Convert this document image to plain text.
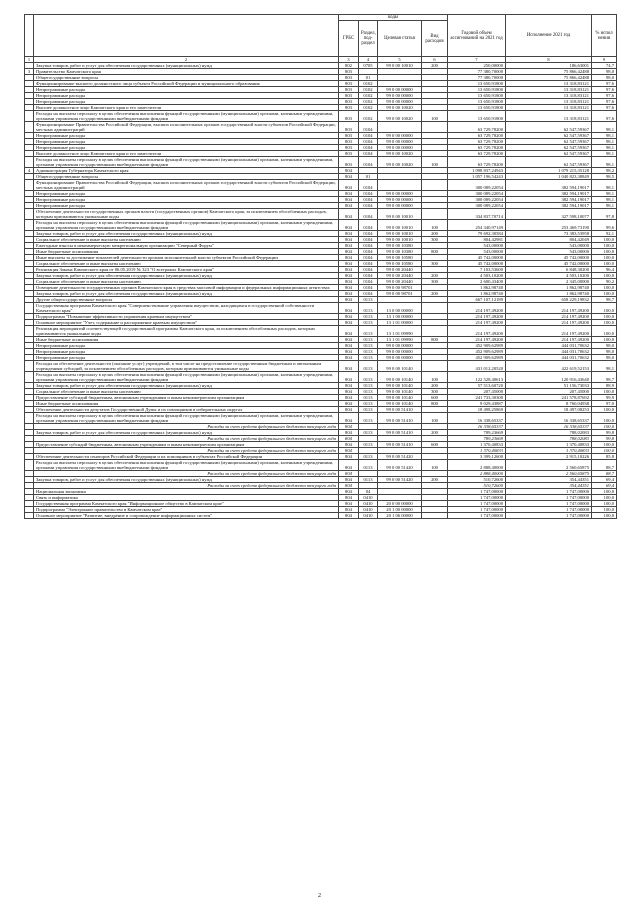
		коды				Годовой объем ассигнований на 2021 год	Исполнение 2021 год	% испол нения
		ГРБС	Раздел, под-раздел	Целевая статья	Вид расходов			
1	2	3	4	5	6	7	8	9
	Закупка товаров, работ и услуг для обеспечения государственных (муниципальных) нужд	802	0705	99 0 00 10010	200	250,00000	186,63001	74,7
3	Правительство Камчатского края	803				77 380,70000	75 866,42488	98,0
	Общегосударственные вопросы	803	01			77 380,70000	75 866,42488	98,0
	Функционирование высшего должностного лица субъекта Российской Федерации и муниципального образования	803	0102			13 650,91800	13 318,83121	97,6
	Непрограммные расходы	803	0102	99 0 00 00000		13 650,91800	13 318,83121	97,6
	Непрограммные расходы	803	0102	99 0 00 00000		13 650,91800	13 318,83121	97,6
	Непрограммные расходы	803	0102	99 0 00 00000		13 650,91800	13 318,83121	97,6
	Высшее должностное лицо Камчатского края и его заместители	803	0102	99 0 00 10020		13 650,91800	13 318,83121	97,6
	Расходы на выплаты персоналу в целях обеспечения выполнения функций государственными (муниципальными) органами, казенными учреждениями, органами управления государственными внебюджетными фондами	803	0102	99 0 00 10020	100	13 650,91800	13 318,83121	97,6
	Функционирование Правительства Российской Федерации, высших исполнительных органов государственной власти субъектов Российской Федерации, местных администраций	803	0104			63 729,78200	62 547,59367	98,1
	Непрограммные расходы	803	0104	99 0 00 00000		63 729,78200	62 547,59367	98,1
	Непрограммные расходы	803	0104	99 0 00 00000		63 729,78200	62 547,59367	98,1
	Непрограммные расходы	803	0104	99 0 00 00000		63 729,78200	62 547,59367	98,1
	Высшее должностное лицо Камчатского края и его заместители	803	0104	99 0 00 10020		63 729,78200	62 547,59367	98,1
	Расходы на выплаты персоналу в целях обеспечения выполнения функций государственными (муниципальными) органами, казенными учреждениями, органами управления государственными внебюджетными фондами	803	0104	99 0 00 10020	100	63 729,78200	62 547,59367	98,1
4	Администрация Губернатора Камчатского края	804				1 098 837,24943	1 079 215,35128	98,2
	Общегосударственные вопросы	804	01			1 057 196,54243	1 040 823,38849	98,5
	Функционирование Правительства Российской Федерации, высших исполнительных органов государственной власти субъектов Российской Федерации, местных администраций	804	0104			300 089,22054	382 594,19017	98,1
	Непрограммные расходы	804	0104	99 0 00 00000		300 089,22054	382 594,19017	98,1
	Непрограммные расходы	804	0104	99 0 00 00000		300 089,22054	382 594,19017	98,1
	Непрограммные расходы	804	0104	99 0 00 00000		300 089,22054	382 594,19017	98,1
	Обеспечение деятельности государственных органов власти (государственных органов) Камчатского края, за исключением обособленных расходов, которым присваиваются уникальные коды	804	0104	99 0 00 10010		334 837,70714	327 598,10077	97,8
	Расходы на выплаты персоналу в целях обеспечения выполнения функций государственными (муниципальными) органами, казенными учреждениями, органами управления государственными внебюджетными фондами	804	0104	99 0 00 10010	100	254 340,97149	253 469,73190	99,6
	Закупка товаров, работ и услуг для обеспечения государственных (муниципальных) нужд	804	0104	99 0 00 10010	200	79 692,30584	73 383,53958	92,1
	Социальное обеспечение и иные выплаты населению	804	0104	99 0 00 10010	300	804,42981	804,42049	100,0
	Ежегодные взносы в некоммерческую межрегиональную организацию "Северный Форум"	804	0104	99 0 00 10380		543,00000	543,00000	100,0
	Иные бюджетные ассигнования	804	0104	99 0 00 10380	800	543,00000	543,00000	100,0
	Иные выплаты за достижение показателей деятельности органов исполнительной власти субъектов Российской Федерации	804	0104	99 0 00 10580		45 742,00000	45 742,00000	100,0
	Социальное обеспечение и иные выплаты населению	804	0104	99 0 00 10580	300	45 742,00000	45 742,00000	100,0
	Реализация Закона Камчатского края от 06.05.2019 № 323 "О всегражах Камчатского края"	804	0104	99 0 00 20440		7 103,53600	6 848,30200	96,4
	Закупка товаров, работ и услуг для обеспечения государственных (муниципальных) нужд	804	0104	99 0 00 20440	200	4 503,10200	4 503,10200	100,0
	Социальное обеспечение и иные выплаты населению	804	0104	99 0 00 20440	300	2 600,43400	2 345,00000	90,2
	Освещение деятельности государственных органов Камчатского края в средствах массовой информации и федеральных информационных агентствах	804	0104	99 0 00 98701		1 862,98740	1 862,98740	100,0
	Закупка товаров, работ и услуг для обеспечения государственных (муниципальных) нужд	804	0104	99 0 00 98701	200	1 862,98740	1 862,98740	100,0
	Другие общегосударственные вопросы	804	0113			667 107,12189	658 229,19832	98,7
	Государственная программа Камчатского края "Совершенствование управления имуществом, находящимся в государственной собственности Камчатского края"	804	0113	13 0 00 00000		214 197,49200	214 197,49200	100,0
	Подпрограмма "Повышение эффективности управления краевым имуществом"	804	0113	13 1 00 00000		214 197,49200	214 197,49200	100,0
	Основное мероприятие "Учет, содержание и распоряжение краевым имуществом"	804	0113	13 1 01 00000		214 197,49200	214 197,49200	100,0
	Реализация мероприятий соответствующей государственной программы Камчатского края, за исключением обособленных расходов, которым присваиваются уникальные коды	804	0113	13 1 01 09990		214 197,49200	214 197,49200	100,0
	Иные бюджетные ассигнования	804	0113	13 1 01 09990	800	214 197,49200	214 197,49200	100,0
	Непрограммные расходы	804	0113	99 0 00 00000		452 909,62989	444 031,70632	98,0
	Непрограммные расходы	804	0113	99 0 00 00000		452 909,62989	444 031,70632	98,0
	Непрограммные расходы	804	0113	99 0 00 00000		452 909,62989	444 031,70632	98,0
	Расходы на обеспечение деятельности (оказание услуг) учреждений, в том числе на предоставление государственным бюджетным и автономным учреждениям субсидий, за исключением обособленных расходов, которым присваиваются уникальные коды	804	0113	99 0 00 10140		431 012,20520	422 619,52153	98,1
	Расходы на выплаты персоналу в целях обеспечения выполнения функций государственными (муниципальными) органами, казенными учреждениями, органами управления государственными внебюджетными фондами	804	0113	99 0 00 10140	100	122 528,40613	120 916,43640	98,7
	Закупка товаров, работ и услуг для обеспечения государственных (муниципальных) нужд	804	0113	99 0 00 10140	200	57 513,60720	51 156,73033	88,9
	Социальное обеспечение и иные выплаты населению	804	0113	99 0 00 10140	300	207,45000	207,45000	100,0
	Предоставление субсидий бюджетным, автономным учреждениям и иным некоммерческим организациям	804	0113	99 0 00 10140	600	241 733,30300	241 578,87692	99,9
	Иные бюджетные ассигнования	804	0113	99 0 00 10140	800	9 029,43887	8 760,04938	97,0
	Обеспечение деятельности депутатов Государственной Думы и их помощников в избирательных округах	804	0113	99 0 00 51410		18 498,25869	18 497,08253	100,0
	Расходы на выплаты персоналу в целях обеспечения выполнения функций государственными (муниципальными) органами, казенными учреждениями, органами управления государственными внебюджетными фондами	804	0113	99 0 00 51410	100	16 338,65337	16 338,65337	100,0
	Расходы за счет средств федерального бюджета текущего года	804				16 338,65337	16 338,65337	100,0
	Закупка товаров, работ и услуг для обеспечения государственных (муниципальных) нужд	804	0113	99 0 00 51410	200	789,23669	788,02083	99,8
	Расходы за счет средств федерального бюджета текущего года	804				789,23669	788,02083	99,8
	Предоставление субсидий бюджетным, автономным учреждениям и иным некоммерческим организациям	804	0113	99 0 00 51410	600	1 370,40833	1 370,40833	100,0
	Расходы за счет средств федерального бюджета текущего года	804				1 370,40833	1 370,40833	100,0
	Обеспечение деятельности сенаторов Российской Федерации и их помощников в субъектах Российской Федерации	804	0113	99 0 00 51420		3 399,12600	2 915,10226	85,8
	Расходы на выплаты персоналу в целях обеспечения выполнения функций государственными (муниципальными) органами, казенными учреждениями, органами управления государственными внебюджетными фондами	804	0113	99 0 00 51420	100	2 888,40000	2 560,65875	88,7
	Расходы за счет средств федерального бюджета текущего года	804				2 888,40000	2 560,65875	88,7
	Закупка товаров, работ и услуг для обеспечения государственных (муниципальных) нужд	804	0113	99 0 00 51420	200	510,72600	354,44351	69,4
	Расходы за счет средств федерального бюджета текущего года	804				510,72600	354,44351	69,4
	Национальная экономика	804	04			1 747,00000	1 747,00000	100,0
	Связь и информатика	804	0410			1 747,00000	1 747,00000	100,0
	Государственная программа Камчатского края "Информационное общество в Камчатском крае"	804	0410	20 0 00 00000		1 747,00000	1 747,00000	100,0
	Подпрограмма "Электронное правительство в Камчатском крае"	804	0410	20 1 00 00000		1 747,00000	1 747,00000	100,0
	Основное мероприятие "Развитие, внедрение и сопровождение информационных систем"	804	0410	20 1 06 00000		1 747,00000	1 747,00000	100,0
2
